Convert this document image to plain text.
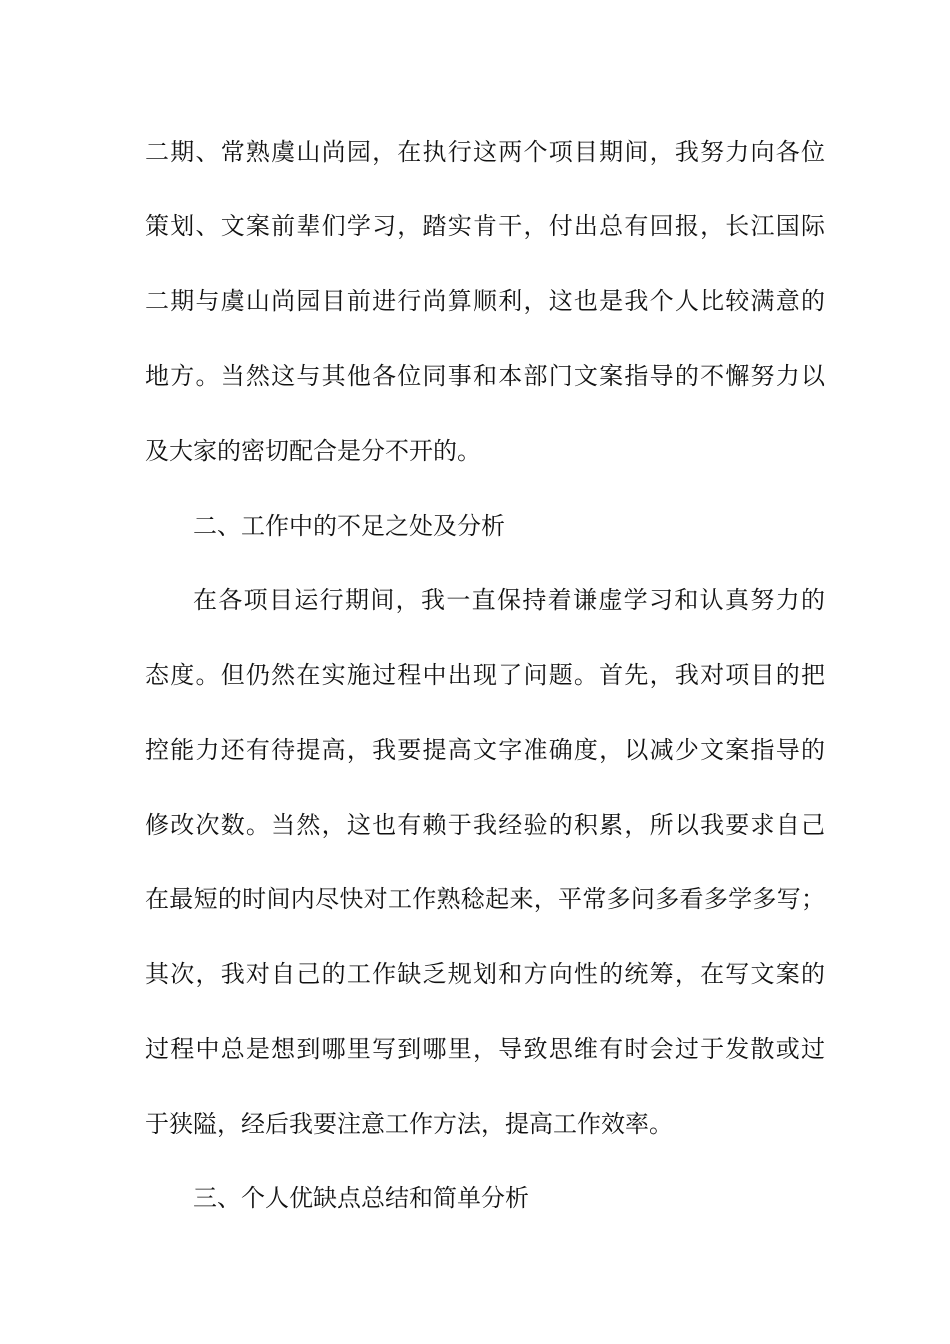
二期、常熟虞山尚园，在执行这两个项目期间，我努力向各位
策划、文案前辈们学习，踏实肯干，付出总有回报，长江国际
二期与虞山尚园目前进行尚算顺利，这也是我个人比较满意的
地方。当然这与其他各位同事和本部门文案指导的不懈努力以
及大家的密切配合是分不开的。
二、工作中的不足之处及分析
在各项目运行期间，我一直保持着谦虚学习和认真努力的
态度。但仍然在实施过程中出现了问题。首先，我对项目的把
控能力还有待提高，我要提高文字准确度，以减少文案指导的
修改次数。当然，这也有赖于我经验的积累，所以我要求自己
在最短的时间内尽快对工作熟稔起来，平常多问多看多学多写；
其次，我对自己的工作缺乏规划和方向性的统筹，在写文案的
过程中总是想到哪里写到哪里，导致思维有时会过于发散或过
于狭隘，经后我要注意工作方法，提高工作效率。
三、个人优缺点总结和简单分析
